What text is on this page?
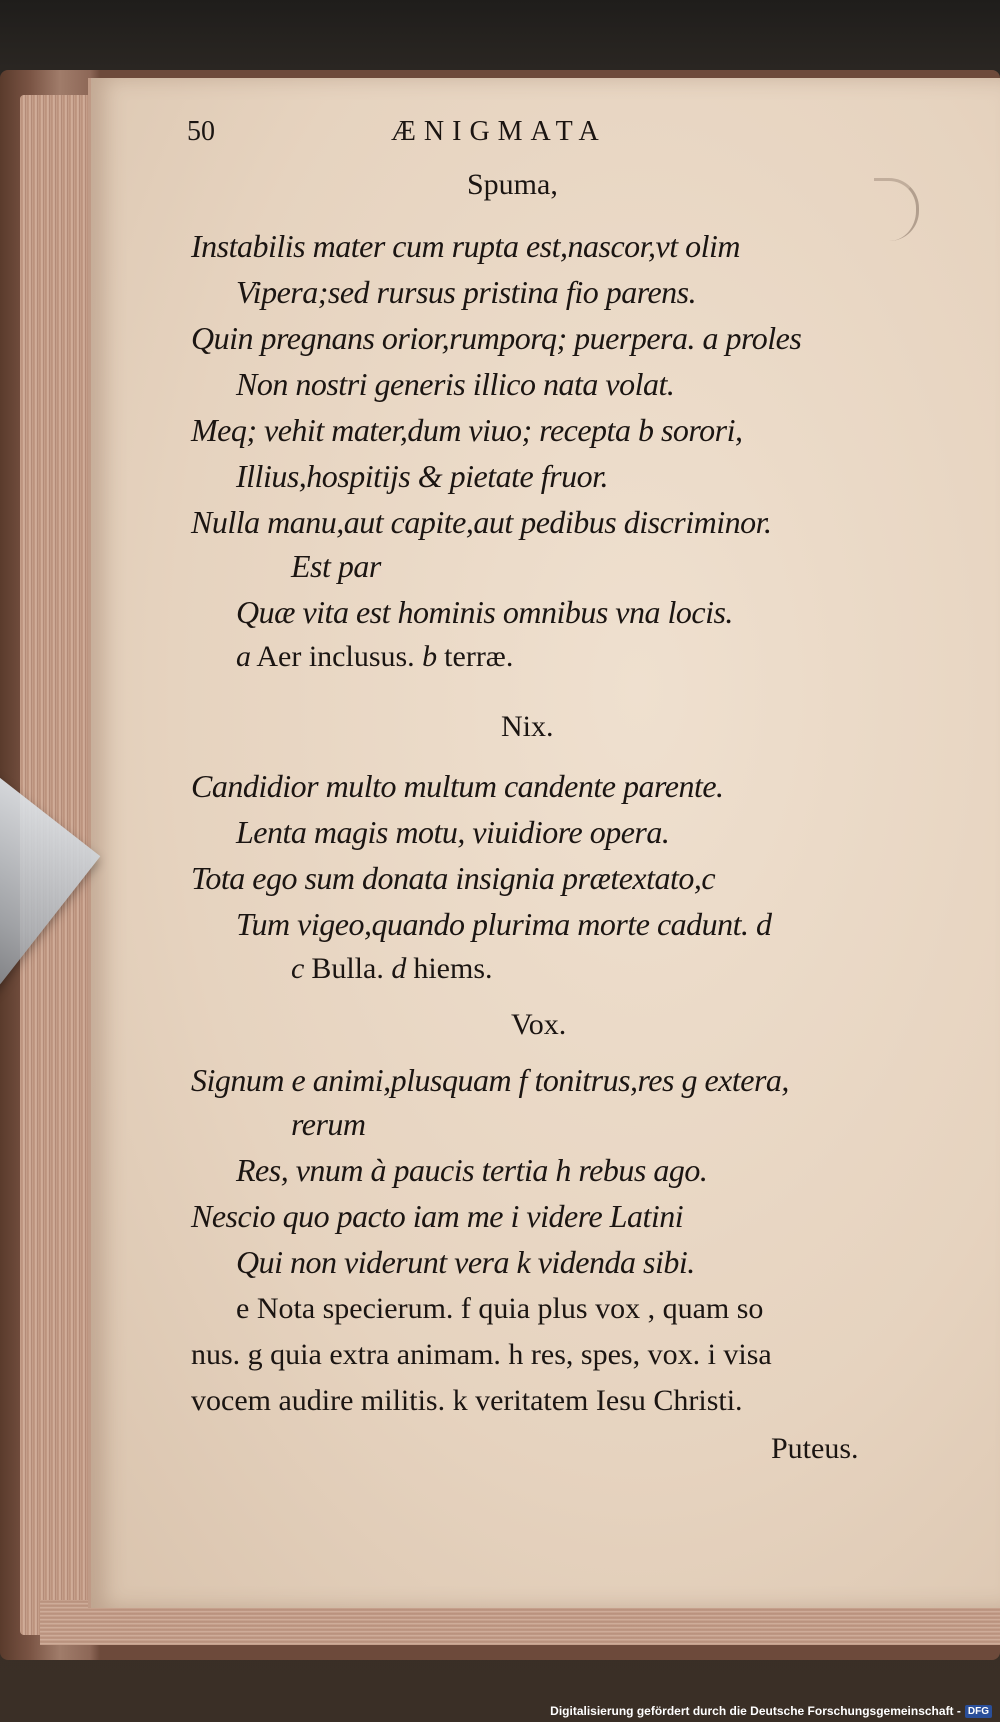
50	ÆNIGMATA
Spuma,
Instabilis mater cum rupta est,nascor,vt olim
Vipera;sed rursus pristina fio parens.
Quin pregnans orior,rumporq; puerpera. a proles
Non nostri generis illico nata volat.
Meq; vehit mater,dum viuo; recepta b sorori,
Illius,hospitijs & pietate fruor.
Nulla manu,aut capite,aut pedibus discriminor.
Est par
Quæ vita est hominis omnibus vna locis.
a Aer inclusus. b terræ.
Nix.
Candidior multo multum candente parente.
Lenta magis motu, viuidiore opera.
Tota ego sum donata insignia prætextato,c
Tum vigeo,quando plurima morte cadunt. d
c Bulla. d hiems.
Vox.
Signum e animi,plusquam f tonitrus,res g extera,
rerum
Res, vnum à paucis tertia h rebus ago.
Nescio quo pacto iam me i videre Latini
Qui non viderunt vera k videnda sibi.
e Nota specierum. f quia plus vox , quam so
nus. g quia extra animam. h res, spes, vox. i visa
vocem audire militis. k veritatem Iesu Christi.
Puteus.
Digitalisierung gefördert durch die Deutsche Forschungsgemeinschaft - DFG
